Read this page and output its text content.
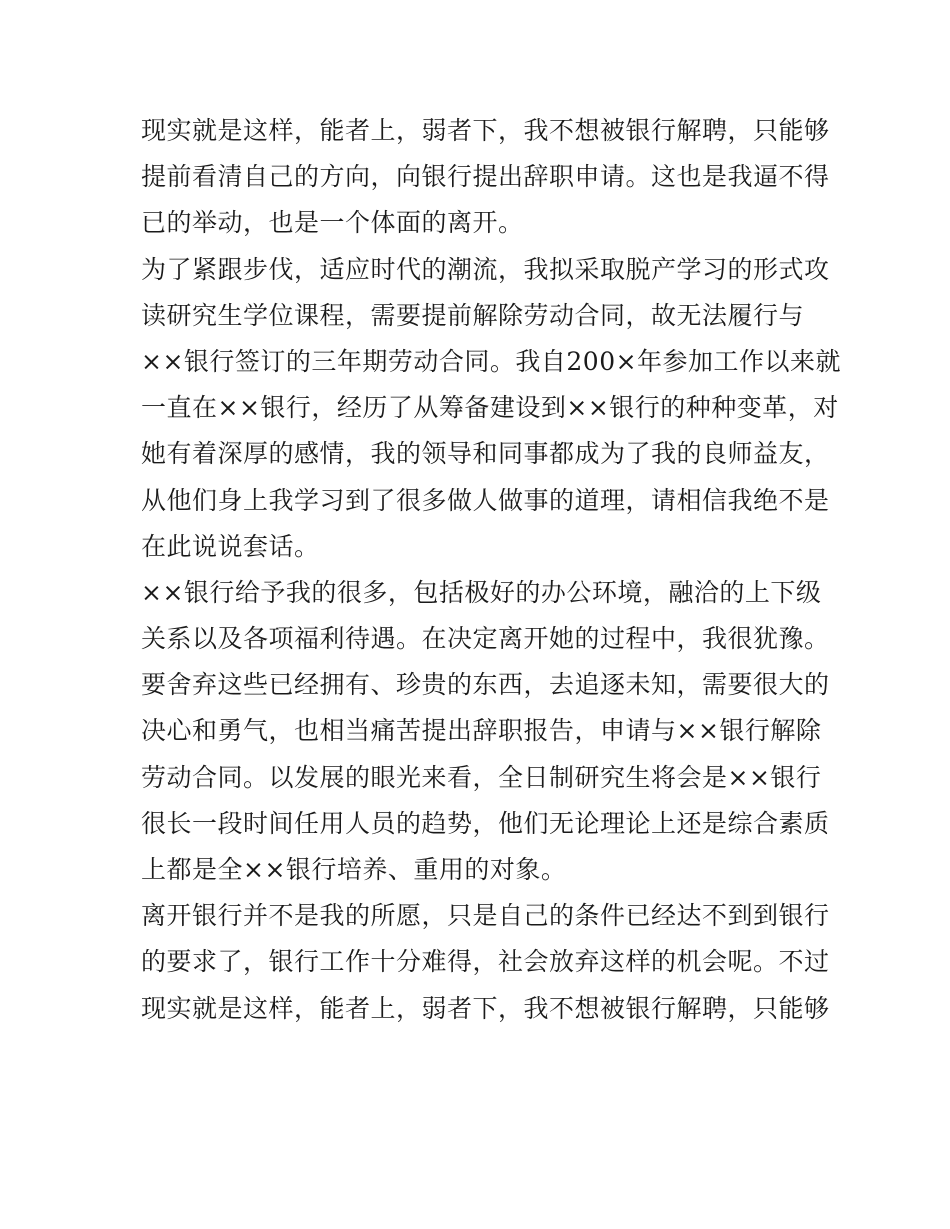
现实就是这样，能者上，弱者下，我不想被银行解聘，只能够
提前看清自己的方向，向银行提出辞职申请。这也是我逼不得
已的举动，也是一个体面的离开。
为了紧跟步伐，适应时代的潮流，我拟采取脱产学习的形式攻
读研究生学位课程，需要提前解除劳动合同，故无法履行与
××银行签订的三年期劳动合同。我自200×年参加工作以来就
一直在××银行，经历了从筹备建设到××银行的种种变革，对
她有着深厚的感情，我的领导和同事都成为了我的良师益友，
从他们身上我学习到了很多做人做事的道理，请相信我绝不是
在此说说套话。
××银行给予我的很多，包括极好的办公环境，融洽的上下级
关系以及各项福利待遇。在决定离开她的过程中，我很犹豫。
要舍弃这些已经拥有、珍贵的东西，去追逐未知，需要很大的
决心和勇气，也相当痛苦提出辞职报告，申请与××银行解除
劳动合同。以发展的眼光来看，全日制研究生将会是××银行
很长一段时间任用人员的趋势，他们无论理论上还是综合素质
上都是全××银行培养、重用的对象。
离开银行并不是我的所愿，只是自己的条件已经达不到到银行
的要求了，银行工作十分难得，社会放弃这样的机会呢。不过
现实就是这样，能者上，弱者下，我不想被银行解聘，只能够
